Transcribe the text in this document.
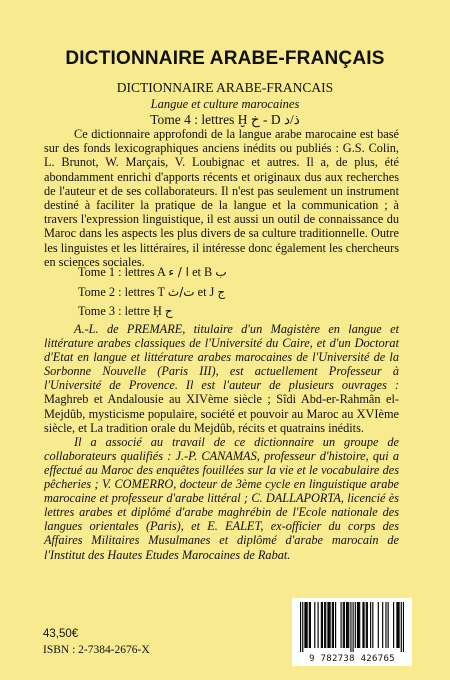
DICTIONNAIRE ARABE-FRANÇAIS
DICTIONNAIRE ARABE-FRANCAIS
Langue et culture marocaines
Tome 4 : lettres Ḫ خ - D ذ/د

Ce dictionnaire approfondi de la langue arabe marocaine est basé sur des fonds lexicographiques anciens inédits ou publiés : G.S. Colin, L. Brunot, W. Marçais, V. Loubignac et autres. Il a, de plus, été abondamment enrichi d'apports récents et originaux dus aux recherches de l'auteur et de ses collaborateurs. Il n'est pas seulement un instrument destiné à faciliter la pratique de la langue et la communication ; à travers l'expression linguistique, il est aussi un outil de connaissance du Maroc dans les aspects les plus divers de sa culture traditionnelle. Outre les linguistes et les littéraires, il intéresse donc également les chercheurs en sciences sociales.

Tome 1 : lettres A ا / ء et B ب
Tome 2 : lettres T ت/ث et J ج
Tome 3 : lettre Ḥ ح

A.-L. de PREMARE, titulaire d'un Magistère en langue et littérature arabes classiques de l'Université du Caire, et d'un Doctorat d'Etat en langue et littérature arabes marocaines de l'Université de la Sorbonne Nouvelle (Paris III), est actuellement Professeur à l'Université de Provence. Il est l'auteur de plusieurs ouvrages : Maghreb et Andalousie au XIVème siècle ; Sîdi Abd-er-Rahmân el-Mejdûb, mysticisme populaire, société et pouvoir au Maroc au XVIème siècle, et La tradition orale du Mejdûb, récits et quatrains inédits.

Il a associé au travail de ce dictionnaire un groupe de collaborateurs qualifiés : J.-P. CANAMAS, professeur d'histoire, qui a effectué au Maroc des enquêtes fouillées sur la vie et le vocabulaire des pêcheries ; V. COMERRO, docteur de 3ème cycle en linguistique arabe marocaine et professeur d'arabe littéral ; C. DALLAPORTA, licencié ès lettres arabes et diplômé d'arabe maghrébin de l'Ecole nationale des langues orientales (Paris), et E. EALET, ex-officier du corps des Affaires Militaires Musulmanes et diplômé d'arabe marocain de l'Institut des Hautes Etudes Marocaines de Rabat.

43,50€
ISBN : 2-7384-2676-X
9 782738 426765
